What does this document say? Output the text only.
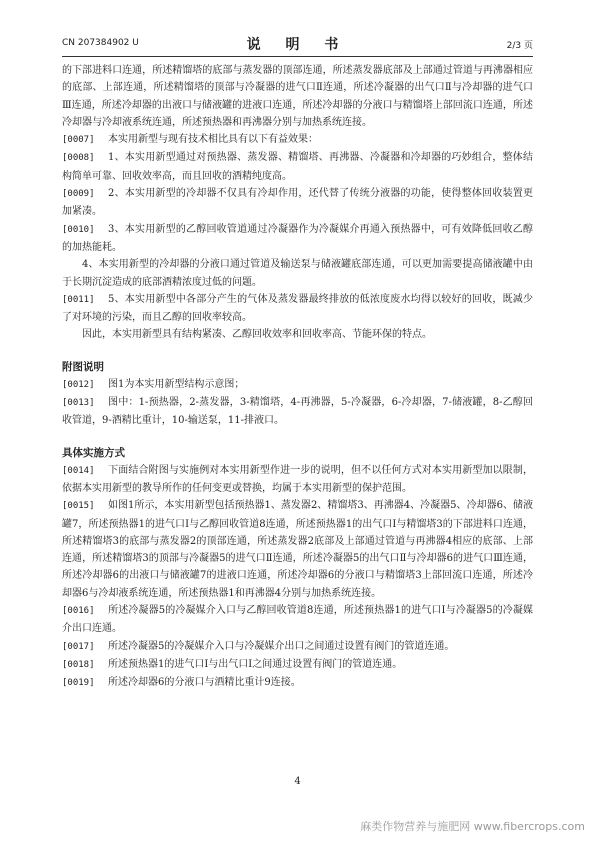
CN 207384902 U	说 明 书	2/3 页

的下部进料口连通，所述精馏塔的底部与蒸发器的顶部连通，所述蒸发器底部及上部通过管道与再沸器相应的底部、上部连通，所述精馏塔的顶部与冷凝器的进气口Ⅱ连通，所述冷凝器的出气口Ⅱ与冷却器的进气口Ⅲ连通，所述冷却器的出液口与储液罐的进液口连通，所述冷却器的分液口与精馏塔上部回流口连通，所述冷却器与冷却液系统连通，所述预热器和再沸器分别与加热系统连接。

[0007] 本实用新型与现有技术相比具有以下有益效果：

[0008] 1、本实用新型通过对预热器、蒸发器、精馏塔、再沸器、冷凝器和冷却器的巧妙组合，整体结构简单可靠、回收效率高，而且回收的酒精纯度高。

[0009] 2、本实用新型的冷却器不仅具有冷却作用，还代替了传统分液器的功能，使得整体回收装置更加紧凑。

[0010] 3、本实用新型的乙醇回收管道通过冷凝器作为冷凝媒介再通入预热器中，可有效降低回收乙醇的加热能耗。

4、本实用新型的冷却器的分液口通过管道及输送泵与储液罐底部连通，可以更加需要提高储液罐中由于长期沉淀造成的底部酒精浓度过低的问题。

[0011] 5、本实用新型中各部分产生的气体及蒸发器最终排放的低浓度废水均得以较好的回收，既减少了对环境的污染，而且乙醇的回收率较高。

因此，本实用新型具有结构紧凑、乙醇回收效率和回收率高、节能环保的特点。

附图说明

[0012] 图1为本实用新型结构示意图；

[0013] 图中：1-预热器，2-蒸发器，3-精馏塔，4-再沸器，5-冷凝器，6-冷却器，7-储液罐，8-乙醇回收管道，9-酒精比重计，10-输送泵，11-排液口。

具体实施方式

[0014] 下面结合附图与实施例对本实用新型作进一步的说明，但不以任何方式对本实用新型加以限制，依据本实用新型的教导所作的任何变更或替换，均属于本实用新型的保护范围。

[0015] 如图1所示，本实用新型包括预热器1、蒸发器2、精馏塔3、再沸器4、冷凝器5、冷却器6、储液罐7，所述预热器1的进气口Ⅰ与乙醇回收管道8连通，所述预热器1的出气口Ⅰ与精馏塔3的下部进料口连通，所述精馏塔3的底部与蒸发器2的顶部连通，所述蒸发器2底部及上部通过管道与再沸器4相应的底部、上部连通，所述精馏塔3的顶部与冷凝器5的进气口Ⅱ连通，所述冷凝器5的出气口Ⅱ与冷却器6的进气口Ⅲ连通，所述冷却器6的出液口与储液罐7的进液口连通，所述冷却器6的分液口与精馏塔3上部回流口连通，所述冷却器6与冷却液系统连通，所述预热器1和再沸器4分别与加热系统连接。

[0016] 所述冷凝器5的冷凝媒介入口与乙醇回收管道8连通，所述预热器1的进气口Ⅰ与冷凝器5的冷凝媒介出口连通。

[0017] 所述冷凝器5的冷凝媒介入口与冷凝媒介出口之间通过设置有阀门的管道连通。

[0018] 所述预热器1的进气口Ⅰ与出气口Ⅰ之间通过设置有阀门的管道连通。

[0019] 所述冷却器6的分液口与酒精比重计9连接。

4
麻类作物营养与施肥网 www.fibercrops.com
